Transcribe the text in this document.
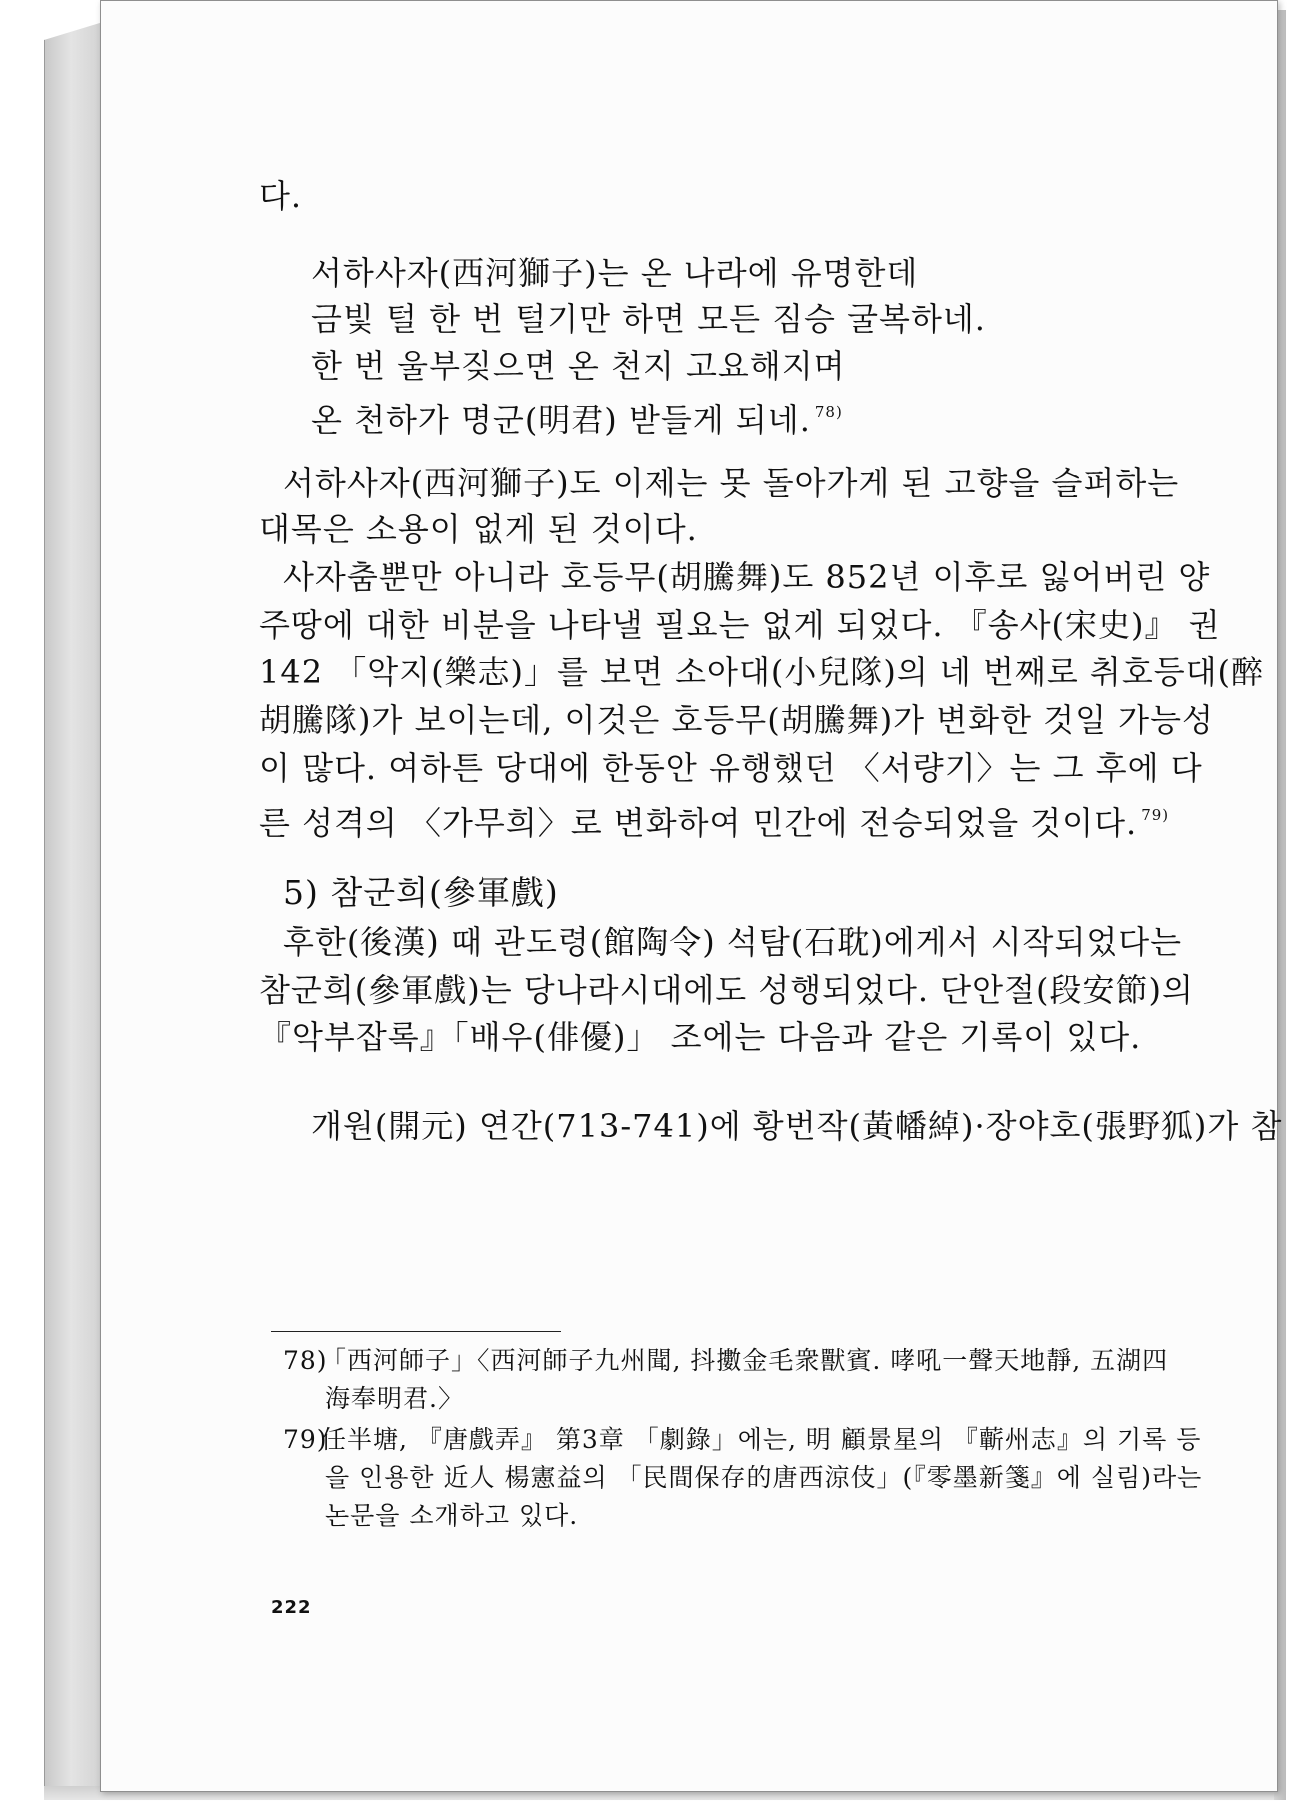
다.
서하사자(西河獅子)는 온 나라에 유명한데
금빛 털 한 번 털기만 하면 모든 짐승 굴복하네.
한 번 울부짖으면 온 천지 고요해지며
온 천하가 명군(明君) 받들게 되네. $^{78)}$
서하사자(西河獅子)도 이제는 못 돌아가게 된 고향을 슬퍼하는
대목은 소용이 없게 된 것이다.
사자춤뿐만 아니라 호등무(胡騰舞)도 852년 이후로 잃어버린 양
주땅에 대한 비분을 나타낼 필요는 없게 되었다. 『송사(宋史)』 권
142 「악지(樂志)」를 보면 소아대(小兒隊)의 네 번째로 취호등대(醉
胡騰隊)가 보이는데, 이것은 호등무(胡騰舞)가 변화한 것일 가능성
이 많다. 여하튼 당대에 한동안 유행했던 〈서량기〉는 그 후에 다
른 성격의 〈가무희〉로 변화하여 민간에 전승되었을 것이다. $^{79)}$
5) 참군희(參軍戲)
후한(後漢) 때 관도령(館陶令) 석탐(石耽)에게서 시작되었다는
참군희(參軍戲)는 당나라시대에도 성행되었다. 단안절(段安節)의
『악부잡록』「배우(俳優)」 조에는 다음과 같은 기록이 있다.
개원(開元) 연간(713-741)에 황번작(黃幡綽)·장야호(張野狐)가 참
78)「西河師子」〈西河師子九州聞, 抖擻金毛衆獸賓. 哮吼一聲天地靜, 五湖四
海奉明君.〉
79)任半塘, 『唐戲弄』 第3章 「劇錄」에는, 明 顧景星의 『蘄州志』의 기록 등
을 인용한 近人 楊憲益의 「民間保存的唐西涼伎」(『零墨新箋』에 실림)라는
논문을 소개하고 있다.
222
